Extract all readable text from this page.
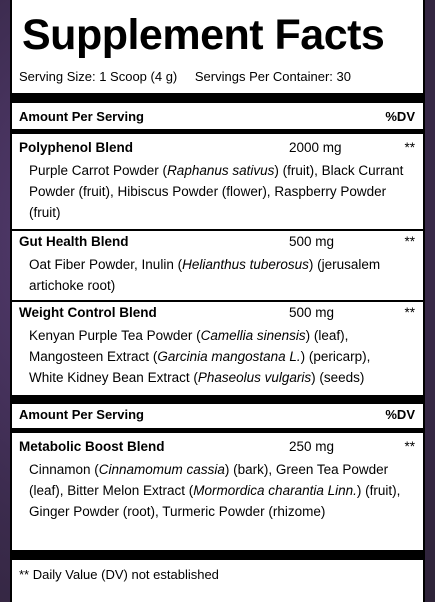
Supplement Facts
Serving Size: 1 Scoop (4 g) Servings Per Container: 30
Amount Per Serving	%DV
Polyphenol Blend	2000 mg	**
Purple Carrot Powder (Raphanus sativus) (fruit), Black Currant Powder (fruit), Hibiscus Powder (flower), Raspberry Powder (fruit)
Gut Health Blend	500 mg	**
Oat Fiber Powder, Inulin (Helianthus tuberosus) (jerusalem artichoke root)
Weight Control Blend	500 mg	**
Kenyan Purple Tea Powder (Camellia sinensis) (leaf), Mangosteen Extract (Garcinia mangostana L.) (pericarp), White Kidney Bean Extract (Phaseolus vulgaris) (seeds)
Amount Per Serving	%DV
Metabolic Boost Blend	250 mg	**
Cinnamon (Cinnamomum cassia) (bark), Green Tea Powder (leaf), Bitter Melon Extract (Mormordica charantia Linn.) (fruit), Ginger Powder (root), Turmeric Powder (rhizome)
** Daily Value (DV) not established
